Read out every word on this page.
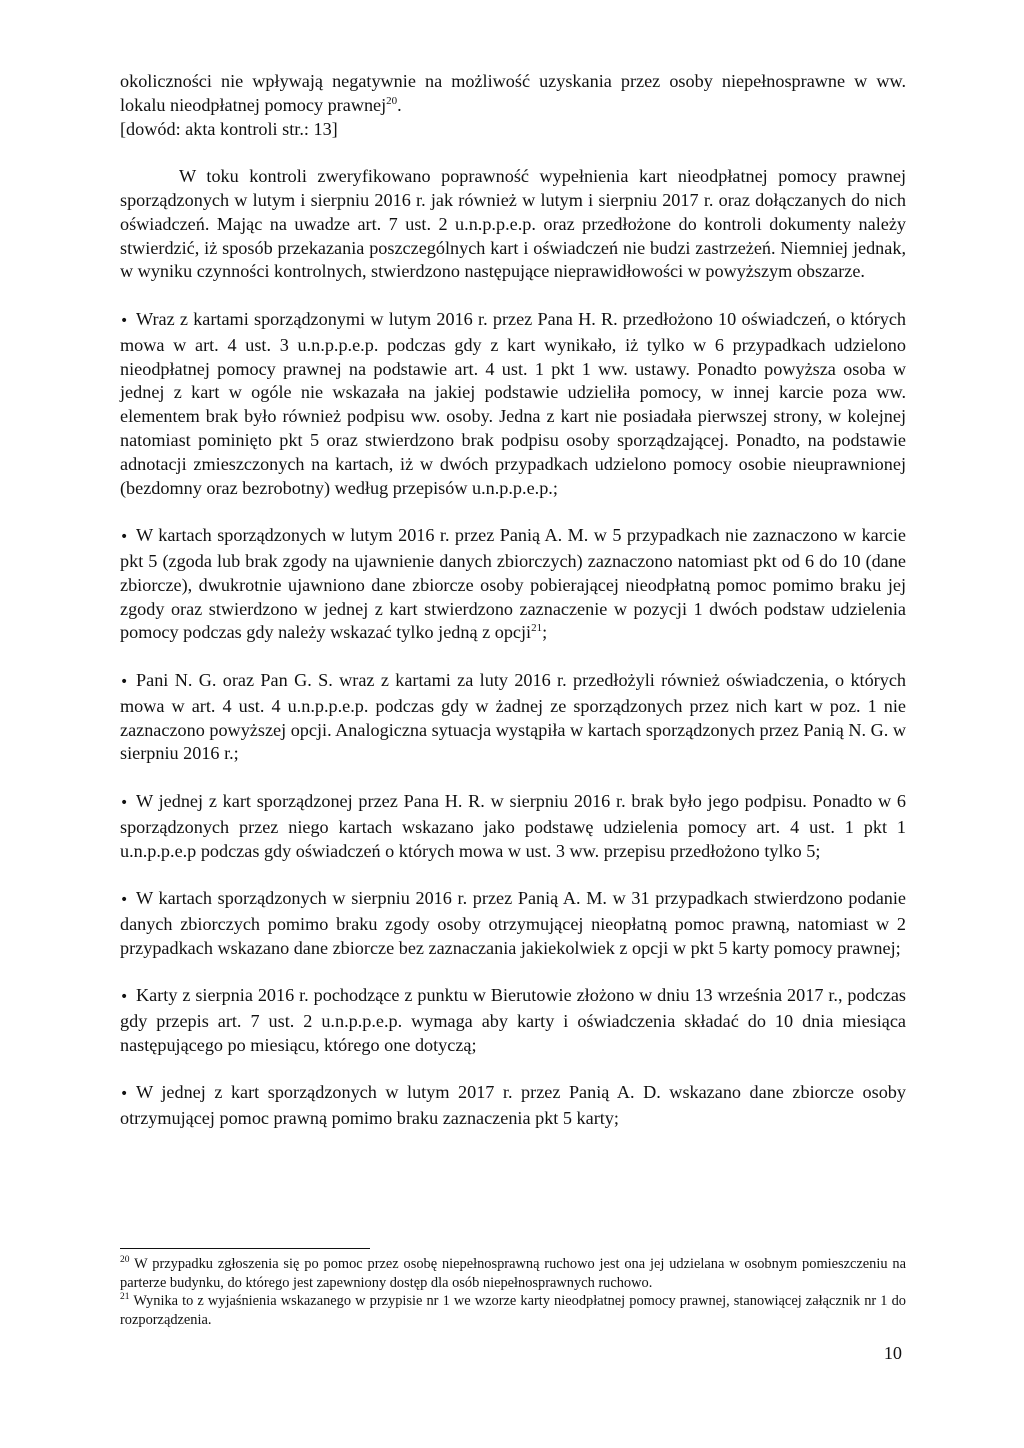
okoliczności nie wpływają negatywnie na możliwość uzyskania przez osoby niepełnosprawne w ww. lokalu nieodpłatnej pomocy prawnej$^{20}$.

[dowód: akta kontroli str.: 13]

W toku kontroli zweryfikowano poprawność wypełnienia kart nieodpłatnej pomocy prawnej sporządzonych w lutym i sierpniu 2016 r. jak również w lutym i sierpniu 2017 r. oraz dołączanych do nich oświadczeń. Mając na uwadze art. 7 ust. 2 u.n.p.p.e.p. oraz przedłożone do kontroli dokumenty należy stwierdzić, iż sposób przekazania poszczególnych kart i oświadczeń nie budzi zastrzeżeń. Niemniej jednak, w wyniku czynności kontrolnych, stwierdzono następujące nieprawidłowości w powyższym obszarze.

• Wraz z kartami sporządzonymi w lutym 2016 r. przez Pana H. R. przedłożono 10 oświadczeń, o których mowa w art. 4 ust. 3 u.n.p.p.e.p. podczas gdy z kart wynikało, iż tylko w 6 przypadkach udzielono nieodpłatnej pomocy prawnej na podstawie art. 4 ust. 1 pkt 1 ww. ustawy. Ponadto powyższa osoba w jednej z kart w ogóle nie wskazała na jakiej podstawie udzieliła pomocy, w innej karcie poza ww. elementem brak było również podpisu ww. osoby. Jedna z kart nie posiadała pierwszej strony, w kolejnej natomiast pominięto pkt 5 oraz stwierdzono brak podpisu osoby sporządzającej. Ponadto, na podstawie adnotacji zmieszczonych na kartach, iż w dwóch przypadkach udzielono pomocy osobie nieuprawnionej (bezdomny oraz bezrobotny) według przepisów u.n.p.p.e.p.;

• W kartach sporządzonych w lutym 2016 r. przez Panią A. M. w 5 przypadkach nie zaznaczono w karcie pkt 5 (zgoda lub brak zgody na ujawnienie danych zbiorczych) zaznaczono natomiast pkt od 6 do 10 (dane zbiorcze), dwukrotnie ujawniono dane zbiorcze osoby pobierającej nieodpłatną pomoc pomimo braku jej zgody oraz stwierdzono w jednej z kart stwierdzono zaznaczenie w pozycji 1 dwóch podstaw udzielenia pomocy podczas gdy należy wskazać tylko jedną z opcji$^{21}$;

• Pani N. G. oraz Pan G. S. wraz z kartami za luty 2016 r. przedłożyli również oświadczenia, o których mowa w art. 4 ust. 4 u.n.p.p.e.p. podczas gdy w żadnej ze sporządzonych przez nich kart w poz. 1 nie zaznaczono powyższej opcji. Analogiczna sytuacja wystąpiła w kartach sporządzonych przez Panią N. G. w sierpniu 2016 r.;

• W jednej z kart sporządzonej przez Pana H. R. w sierpniu 2016 r. brak było jego podpisu. Ponadto w 6 sporządzonych przez niego kartach wskazano jako podstawę udzielenia pomocy art. 4 ust. 1 pkt 1 u.n.p.p.e.p podczas gdy oświadczeń o których mowa w ust. 3 ww. przepisu przedłożono tylko 5;

• W kartach sporządzonych w sierpniu 2016 r. przez Panią A. M. w 31 przypadkach stwierdzono podanie danych zbiorczych pomimo braku zgody osoby otrzymującej nieopłatną pomoc prawną, natomiast w 2 przypadkach wskazano dane zbiorcze bez zaznaczania jakiekolwiek z opcji w pkt 5 karty pomocy prawnej;

• Karty z sierpnia 2016 r. pochodzące z punktu w Bierutowie złożono w dniu 13 września 2017 r., podczas gdy przepis art. 7 ust. 2 u.n.p.p.e.p. wymaga aby karty i oświadczenia składać do 10 dnia miesiąca następującego po miesiącu, którego one dotyczą;

• W jednej z kart sporządzonych w lutym 2017 r. przez Panią A. D. wskazano dane zbiorcze osoby otrzymującej pomoc prawną pomimo braku zaznaczenia pkt 5 karty;

$^{20}$ W przypadku zgłoszenia się po pomoc przez osobę niepełnosprawną ruchowo jest ona jej udzielana w osobnym pomieszczeniu na parterze budynku, do którego jest zapewniony dostęp dla osób niepełnosprawnych ruchowo.

$^{21}$ Wynika to z wyjaśnienia wskazanego w przypisie nr 1 we wzorze karty nieodpłatnej pomocy prawnej, stanowiącej załącznik nr 1 do rozporządzenia.

10
